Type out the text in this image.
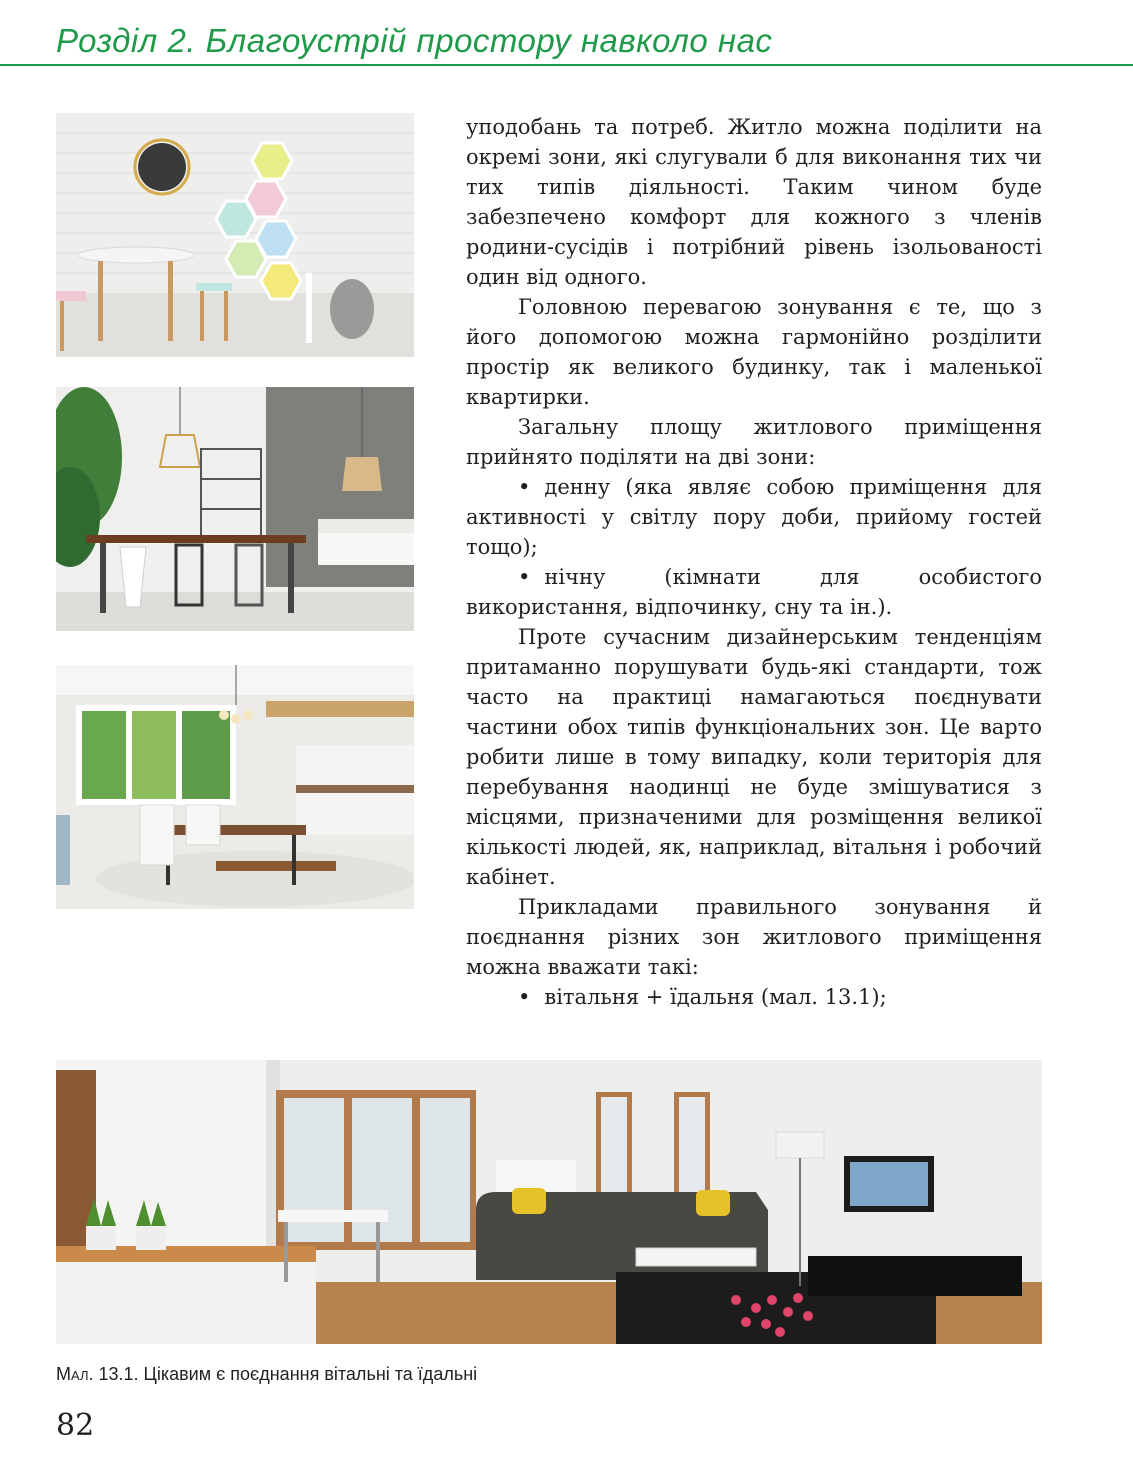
Розділ 2. Благоустрій простору навколо нас

уподобань та потреб. Житло можна поділити на окремі зони, які слугували б для виконання тих чи тих типів діяльності. Таким чином буде забезпечено комфорт для кожного з членів родини-сусідів і потрібний рівень ізольованості один від одного.

Головною перевагою зонування є те, що з його допомогою можна гармонійно розділити простір як великого будинку, так і маленької квартирки.

Загальну площу житлового приміщення прийнято поділяти на дві зони:

• денну (яка являє собою приміщення для активності у світлу пору доби, прийому гостей тощо);

• нічну (кімнати для особистого використання, відпочинку, сну та ін.).

Проте сучасним дизайнерським тенденціям притаманно порушувати будь-які стандарти, тож часто на практиці намагаються поєднувати частини обох типів функціональних зон. Це варто робити лише в тому випадку, коли територія для перебування наодинці не буде змішуватися з місцями, призначеними для розміщення великої кількості людей, як, наприклад, вітальня і робочий кабінет.

Прикладами правильного зонування й поєднання різних зон житлового приміщення можна вважати такі:

• вітальня + їдальня (мал. 13.1);

Мал. 13.1. Цікавим є поєднання вітальні та їдальні
82
